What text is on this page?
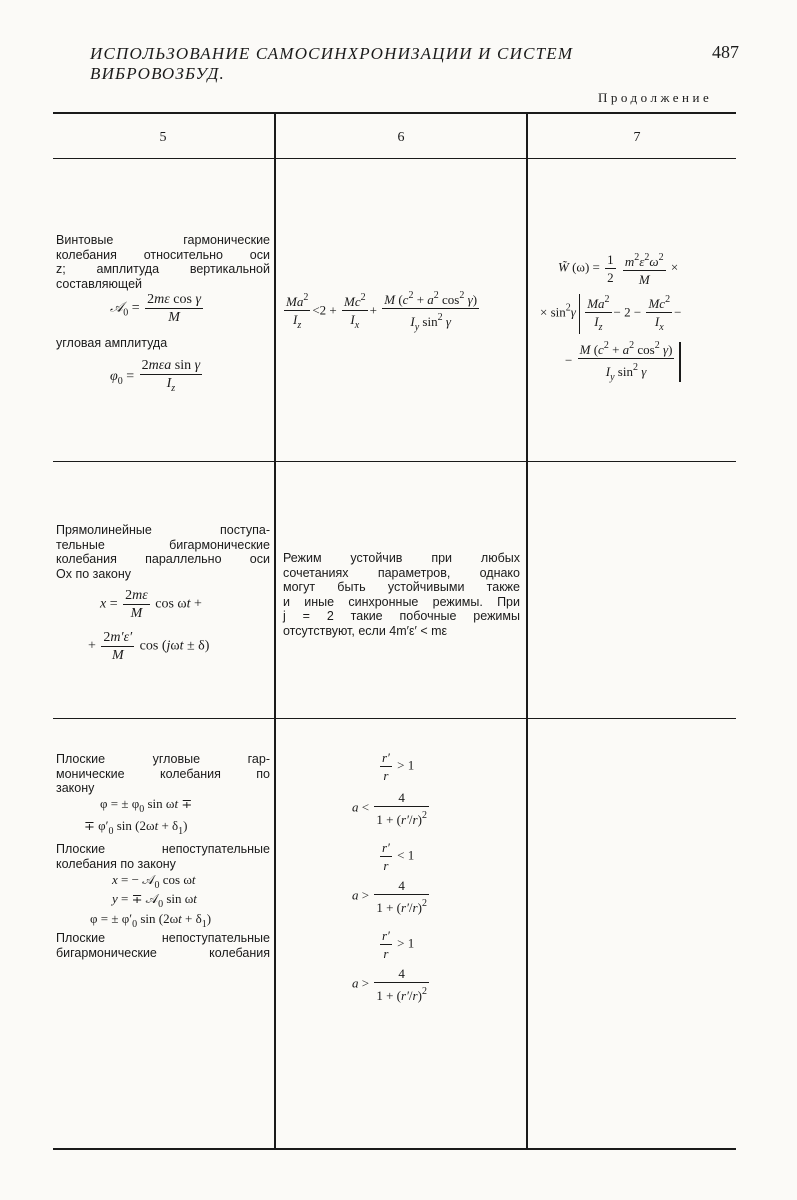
ИСПОЛЬЗОВАНИЕ САМОСИНХРОНИЗАЦИИ И СИСТЕМ ВИБРОВОЗБУД.
487
Продолжение
5	6	7
Винтовые гармонические
колебания относительно оси
z; амплитуда вертикальной
составляющей
𝒜$_0$ = $\frac{\text{2mε cos γ}}{M}$
угловая амплитуда
$\varphi_0 = \frac{\text{2mεa sin γ}}{I_z}$
$\frac{Ma^2}{I_z} <2 + \frac{Mc^2}{I_x} + \frac{M (c^2 + a^2 \cos^2 \gamma)}{I_y \sin^2 \gamma}$
W̃ $(\omega) = \frac{1}{2}$
$\frac{m^2\varepsilon^2\omega^2}{M}$ ×
× $\sin^2\gamma \frac{Ma^2}{I_z} - 2 - \frac{Mc^2}{I_x}$ −
− $\frac{M (c^2 + a^2 \cos^2 \gamma)}{I_y \sin^2 \gamma}$
Прямолинейные поступа-
тельные бигармонические
колебания параллельно оси
Ox по закону
$x = \frac{2m\varepsilon}{M}$ cos ωt +
+ $\frac{2m'\varepsilon'}{M}$ cos (jωt ± δ)
Режим устойчив при любых
сочетаниях параметров, однако
могут быть устойчивыми также
и иные синхронные режимы. При
j = 2 такие побочные режимы
отсутствуют, если 4m′ε′ < mε
Плоские угловые гар-
монические колебания по
закону
φ = ± $\varphi_0$ sin ωt ∓
∓ $\varphi'_0$ $\sin (2\omega t + \delta_1)$
Плоские непоступательные
колебания по закону
x = − 𝒜$_0$ cos ωt
y = ∓ 𝒜$_0$ sin ωt
φ = ± $\varphi'_0$ $\sin (2\omega t + \delta_1)$
Плоские непоступательные
бигармонические колебания
$\frac{r'}{r} > 1$
$a < \frac{4}{1 + (r'/r)^2}$
$\frac{r'}{r} < 1$
$a > \frac{4}{1 + (r'/r)^2}$
$\frac{r'}{r} > 1$
$a > \frac{4}{1 + (r'/r)^2}$
